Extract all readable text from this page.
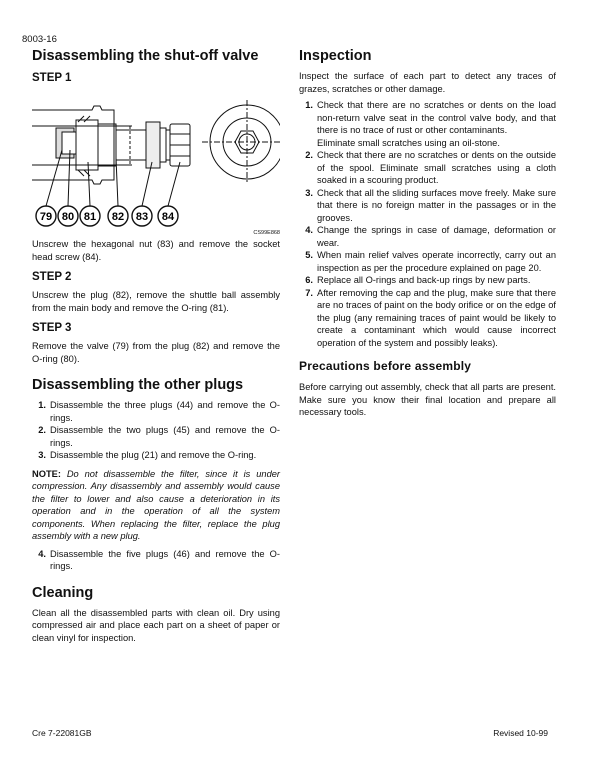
8003-16
Disassembling the shut-off valve
STEP 1
79 80 81 82 83 84
CS99E868

Unscrew the hexagonal nut (83) and remove the socket head screw (84).

STEP 2

Unscrew the plug (82), remove the shuttle ball assembly from the main body and remove the O-ring (81).

STEP 3

Remove the valve (79) from the plug (82) and remove the O-ring (80).

Disassembling the other plugs
1. Disassemble the three plugs (44) and remove the O-rings.
2. Disassemble the two plugs (45) and remove the O-rings.
3. Disassemble the plug (21) and remove the O-ring.
NOTE: Do not disassemble the filter, since it is under compression. Any disassembly and assembly would cause the filter to lower and also cause a deterioration in its operation and in the operation of all the system components. When replacing the filter, replace the plug assembly with a new plug.
4. Disassemble the five plugs (46) and remove the O-rings.
Cleaning

Clean all the disassembled parts with clean oil. Dry using compressed air and place each part on a sheet of paper or clean vinyl for inspection.

Inspection

Inspect the surface of each part to detect any traces of grazes, scratches or other damage.

1. Check that there are no scratches or dents on the load non-return valve seat in the control valve body, and that there is no trace of rust or other contaminants.
Eliminate small scratches using an oil-stone.
2. Check that there are no scratches or dents on the outside of the spool. Eliminate small scratches using a cloth soaked in a scouring product.
3. Check that all the sliding surfaces move freely. Make sure that there is no foreign matter in the passages or in the grooves.
4. Change the springs in case of damage, deformation or wear.
5. When main relief valves operate incorrectly, carry out an inspection as per the procedure explained on page 20.
6. Replace all O-rings and back-up rings by new parts.
7. After removing the cap and the plug, make sure that there are no traces of paint on the body orifice or on the edge of the plug (any remaining traces of paint would be likely to create a contaminant which would cause incorrect operation of the system and possibly leaks).
Precautions before assembly

Before carrying out assembly, check that all parts are present. Make sure you know their final location and prepare all necessary tools.

Cre 7-22081GB	Revised 10-99
